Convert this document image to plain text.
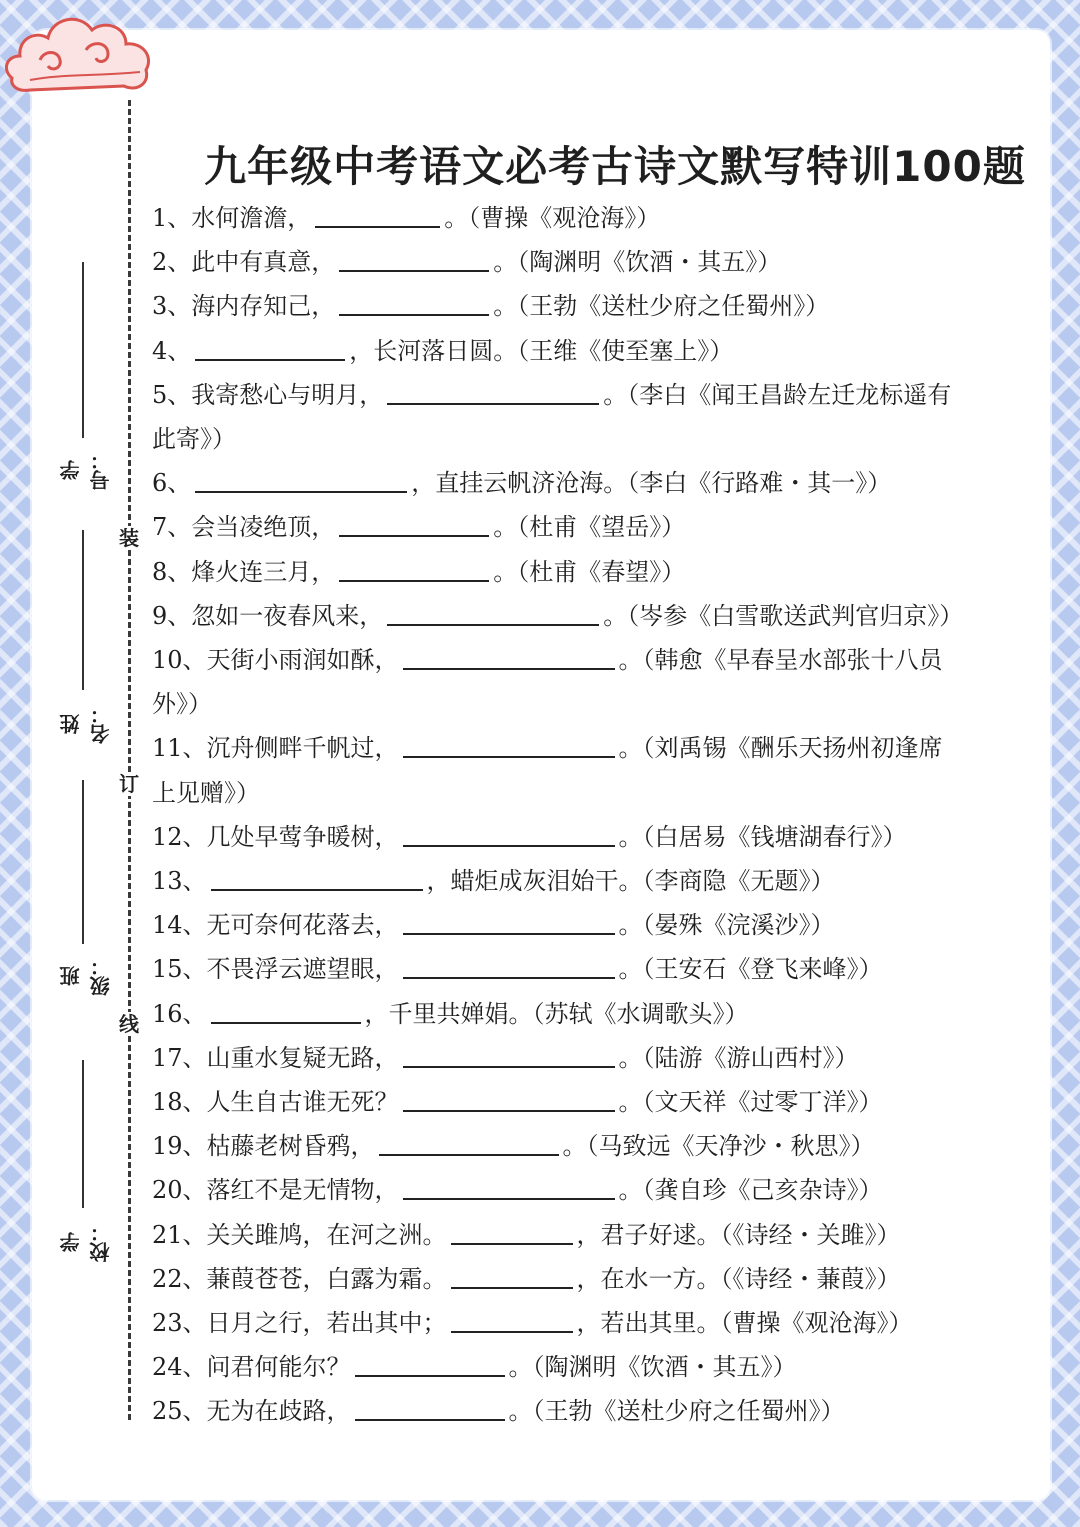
装
订
线
学号：
姓名：
班级：
学校：
九年级中考语文必考古诗文默写特训100题
1、水何澹澹，	。（曹操《观沧海》）
2、此中有真意，	。（陶渊明《饮酒・其五》）
3、海内存知己，	。（王勃《送杜少府之任蜀州》）
4、	，长河落日圆。（王维《使至塞上》）
5、我寄愁心与明月，	。（李白《闻王昌龄左迁龙标遥有
此寄》）
6、	，直挂云帆济沧海。（李白《行路难・其一》）
7、会当凌绝顶，	。（杜甫《望岳》）
8、烽火连三月，	。（杜甫《春望》）
9、忽如一夜春风来，	。（岑参《白雪歌送武判官归京》）
10、天街小雨润如酥，	。（韩愈《早春呈水部张十八员
外》）
11、沉舟侧畔千帆过，	。（刘禹锡《酬乐天扬州初逢席
上见赠》）
12、几处早莺争暖树，	。（白居易《钱塘湖春行》）
13、	，蜡炬成灰泪始干。（李商隐《无题》）
14、无可奈何花落去，	。（晏殊《浣溪沙》）
15、不畏浮云遮望眼，	。（王安石《登飞来峰》）
16、	，千里共婵娟。（苏轼《水调歌头》）
17、山重水复疑无路，	。（陆游《游山西村》）
18、人生自古谁无死？	。（文天祥《过零丁洋》）
19、枯藤老树昏鸦，	。（马致远《天净沙・秋思》）
20、落红不是无情物，	。（龚自珍《己亥杂诗》）
21、关关雎鸠，在河之洲。	，君子好逑。（《诗经・关雎》）
22、蒹葭苍苍，白露为霜。	，在水一方。（《诗经・蒹葭》）
23、日月之行，若出其中；	，若出其里。（曹操《观沧海》）
24、问君何能尔？	。（陶渊明《饮酒・其五》）
25、无为在歧路，	。（王勃《送杜少府之任蜀州》）
